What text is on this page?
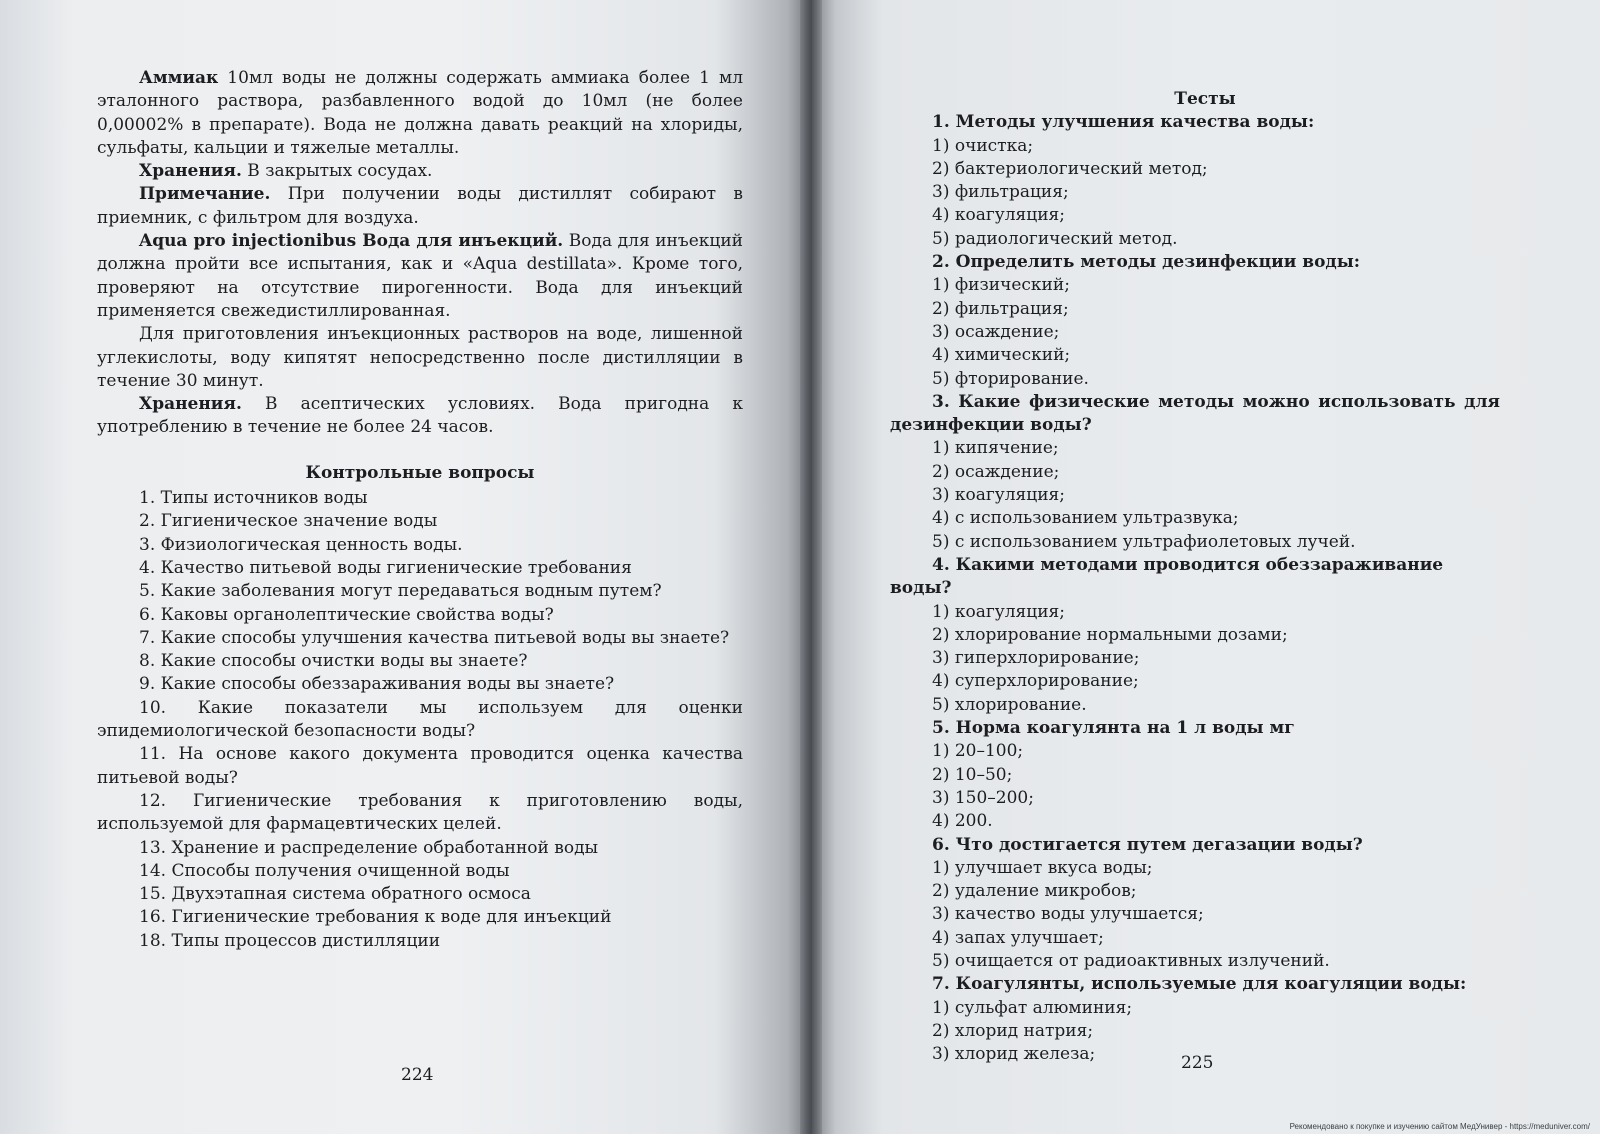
Аммиак 10мл воды не должны содержать аммиака более 1 мл эталонного раствора, разбавленного водой до 10мл (не более 0,00002% в препарате). Вода не должна давать реакций на хлориды, сульфаты, кальции и тяжелые металлы.
Хранения. В закрытых сосудах.
Примечание. При получении воды дистиллят собирают в приемник, с фильтром для воздуха.
Aqua pro injectionibus Вода для инъекций. Вода для инъекций должна пройти все испытания, как и «Aqua destillata». Кроме того, проверяют на отсутствие пирогенности. Вода для инъекций применяется свежедистиллированная.
Для приготовления инъекционных растворов на воде, лишенной углекислоты, воду кипятят непосредственно после дистилляции в течение 30 минут.
Хранения. В асептических условиях. Вода пригодна к употреблению в течение не более 24 часов.
Контрольные вопросы
1. Типы источников воды
2. Гигиеническое значение воды
3. Физиологическая ценность воды.
4. Качество питьевой воды гигиенические требования
5. Какие заболевания могут передаваться водным путем?
6. Каковы органолептические свойства воды?
7. Какие способы улучшения качества питьевой воды вы знаете?
8. Какие способы очистки воды вы знаете?
9. Какие способы обеззараживания воды вы знаете?
10. Какие показатели мы используем для оценки эпидемиологической безопасности воды?
11. На основе какого документа проводится оценка качества питьевой воды?
12. Гигиенические требования к приготовлению воды, используемой для фармацевтических целей.
13. Хранение и распределение обработанной воды
14. Способы получения очищенной воды
15. Двухэтапная система обратного осмоса
16. Гигиенические требования к воде для инъекций
18. Типы процессов дистилляции
Тесты
1. Методы улучшения качества воды:
1) очистка;
2) бактериологический метод;
3) фильтрация;
4) коагуляция;
5) радиологический метод.
2. Определить методы дезинфекции воды:
1) физический;
2) фильтрация;
3) осаждение;
4) химический;
5) фторирование.
3. Какие физические методы можно использовать для дезинфекции воды?
1) кипячение;
2) осаждение;
3) коагуляция;
4) с использованием ультразвука;
5) с использованием ультрафиолетовых лучей.
4. Какими методами проводится обеззараживание воды?
1) коагуляция;
2) хлорирование нормальными дозами;
3) гиперхлорирование;
4) суперхлорирование;
5) хлорирование.
5. Норма коагулянта на 1 л воды мг
1) 20–100;
2) 10–50;
3) 150–200;
4) 200.
6. Что достигается путем дегазации воды?
1) улучшает вкуса воды;
2) удаление микробов;
3) качество воды улучшается;
4) запах улучшает;
5) очищается от радиоактивных излучений.
7. Коагулянты, используемые для коагуляции воды:
1) сульфат алюминия;
2) хлорид натрия;
3) хлорид железа;
224
225
Рекомендовано к покупке и изучению сайтом МедУнивер - https://meduniver.com/
